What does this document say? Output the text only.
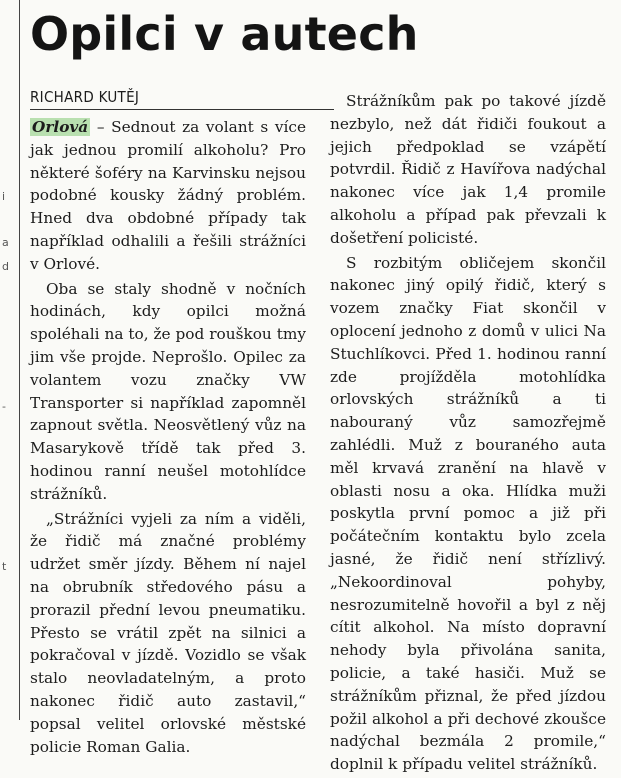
i
a
d
-
t
Opilci v autech
RICHARD KUTĚJ

Orlová – Sednout za volant s více jak jednou promilí alkoholu? Pro některé šoféry na Karvinsku nejsou podobné kousky žádný problém. Hned dva obdobné případy tak například odhalili a řešili strážníci v Orlové.

Oba se staly shodně v nočních hodinách, kdy opilci možná spoléhali na to, že pod rouškou tmy jim vše projde. Neprošlo. Opilec za volantem vozu značky VW Transporter si například zapomněl zapnout světla. Neosvětlený vůz na Masarykově třídě tak před 3. hodinou ranní neušel motohlídce strážníků.

„Strážníci vyjeli za ním a viděli, že řidič má značné problémy udržet směr jízdy. Během ní najel na obrubník středového pásu a prorazil přední levou pneumatiku. Přesto se vrátil zpět na silnici a pokračoval v jízdě. Vozidlo se však stalo neovladatelným, a proto nakonec řidič auto zastavil,“ popsal velitel orlovské městské policie Roman Galia.

Strážníkům pak po takové jízdě nezbylo, než dát řidiči foukout a jejich předpoklad se vzápětí potvrdil. Řidič z Havířova nadýchal nakonec více jak 1,4 promile alkoholu a případ pak převzali k došetření policisté.

S rozbitým obličejem skončil nakonec jiný opilý řidič, který s vozem značky Fiat skončil v oplocení jednoho z domů v ulici Na Stuchlíkovci. Před 1. hodinou ranní zde projížděla motohlídka orlovských strážníků a ti nabouraný vůz samozřejmě zahlédli. Muž z bouraného auta měl krvavá zranění na hlavě v oblasti nosu a oka. Hlídka muži poskytla první pomoc a již při počátečním kontaktu bylo zcela jasné, že řidič není střízlivý. „Nekoordinoval pohyby, nesrozumitelně hovořil a byl z něj cítit alkohol. Na místo dopravní nehody byla přivolána sanita, policie, a také hasiči. Muž se strážníkům přiznal, že před jízdou požil alkohol a při dechové zkoušce nadýchal bezmála 2 promile,“ doplnil k případu velitel strážníků.
